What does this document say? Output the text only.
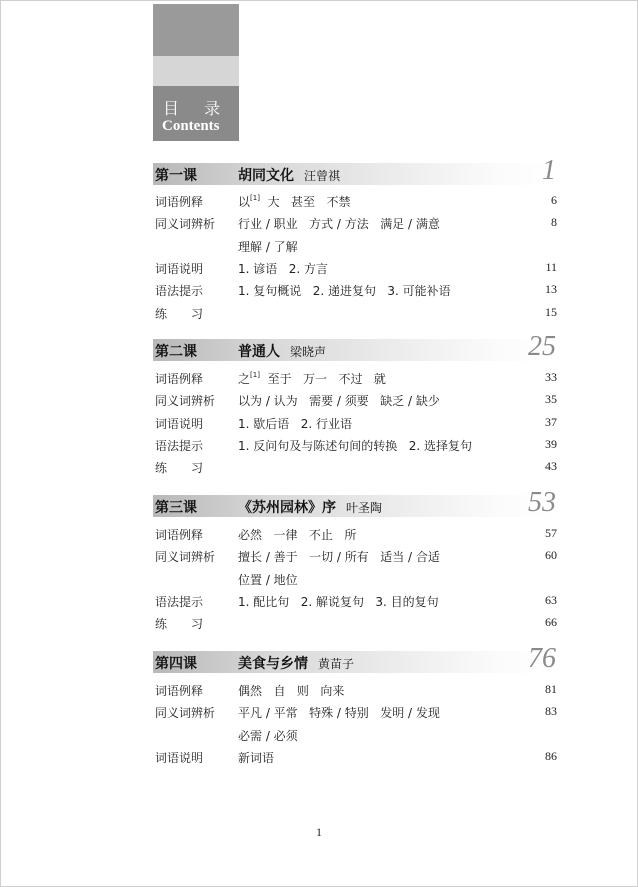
目 录
Contents
第一课	胡同文化 汪曾祺	1
词语例释	以[1]  大   甚至   不禁	6
同义词辨析 行业 / 职业   方式 / 方法   满足 / 满意	8
理解 / 了解
词语说明	1. 谚语   2. 方言	11
语法提示	1. 复句概说   2. 递进复句   3. 可能补语	13
练　　习	15
第二课	普通人 梁晓声	25
词语例释	之[1]  至于   万一   不过   就	33
同义词辨析 以为 / 认为   需要 / 须要   缺乏 / 缺少	35
词语说明	1. 歇后语   2. 行业语	37
语法提示	1. 反问句及与陈述句间的转换   2. 选择复句	39
练　　习	43
第三课	《苏州园林》序 叶圣陶	53
词语例释	必然   一律   不止   所	57
同义词辨析 擅长 / 善于   一切 / 所有   适当 / 合适	60
位置 / 地位
语法提示	1. 配比句   2. 解说复句   3. 目的复句	63
练　　习	66
第四课	美食与乡情 黄苗子	76
词语例释	偶然   自   则   向来	81
同义词辨析 平凡 / 平常   特殊 / 特别   发明 / 发现	83
必需 / 必须
词语说明	新词语	86
1
